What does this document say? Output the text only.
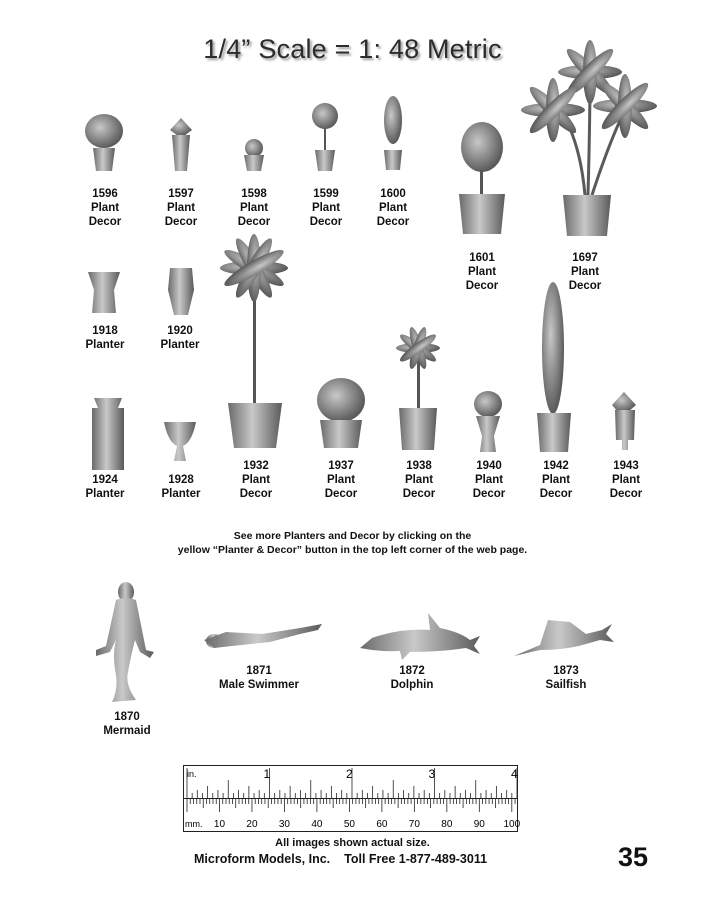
1/4” Scale = 1: 48 Metric
1596
Plant
Decor
1597
Plant
Decor
1598
Plant
Decor
1599
Plant
Decor
1600
Plant
Decor
1601
Plant
Decor
1697
Plant
Decor
1918
Planter
1920
Planter
1924
Planter
1928
Planter
1932
Plant
Decor
1937
Plant
Decor
1938
Plant
Decor
1940
Plant
Decor
1942
Plant
Decor
1943
Plant
Decor
See more Planters and Decor by clicking on the
yellow “Planter & Decor” button in the top left corner of the web page.
1871
Male Swimmer
1872
Dolphin
1873
Sailfish
1870
Mermaid
in.
mm.
1	2	3	4
10 20 30 40 50 60 70 80 90 100
All images shown actual size.
Microform Models, Inc. Toll Free 1-877-489-3011	35
